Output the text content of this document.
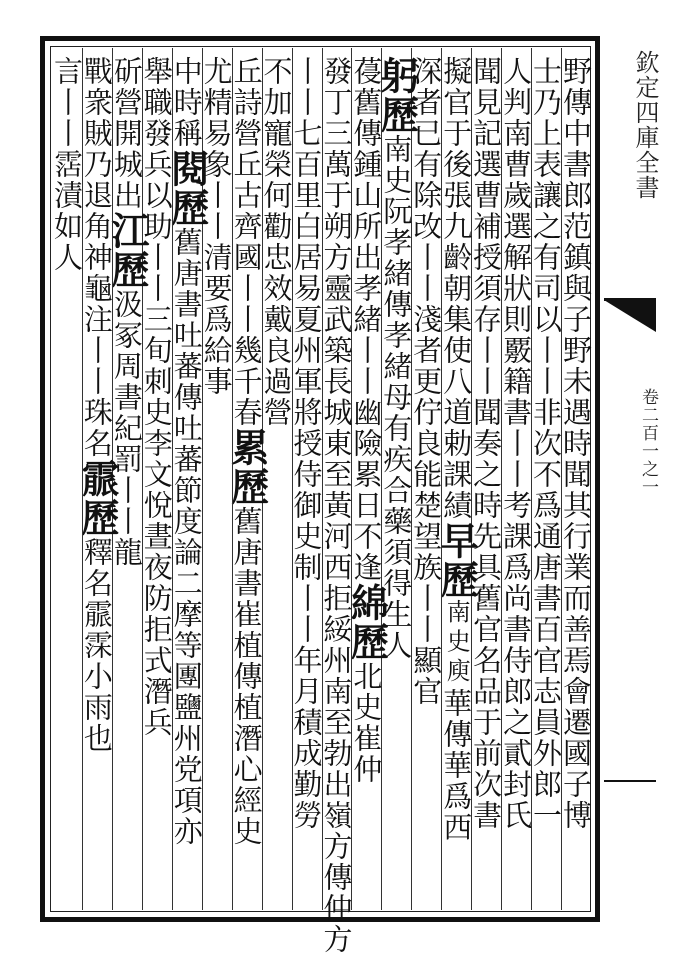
欽定四庫全書
卷二百一之一
野傳中書郎范鎮與子野未遇時聞其行業而善焉會遷國子博
士乃上表讓之有司以丨丨非次不爲通唐書百官志員外郎一
人判南曹歲選解狀則覈籍書丨丨考課爲尚書侍郎之貳封氏
聞見記選曹補授須存丨丨聞奏之時先具舊官名品于前次書
擬官于後張九齡朝集使八道勅課績
早歷
南史庾
華傳華爲西
深者已有除改丨丨淺者更佇良能
楚望族丨丨顯官
躬歷
南史阮孝緒傳孝緒母有疾合藥須得生人
葠舊傳鍾山所出孝緒丨丨幽險累日不逢
綿歷
北史崔仲
發丁三萬于朔方靈武築長城東至黃河西拒綏州南至勃出嶺
方傳仲方
丨丨七百里白居易夏州軍將授侍御史制丨丨年月積成勤勞
不加寵榮何勸忠效戴良過營
丘詩營丘古齊國丨丨幾千春
累歷
舊唐書崔植傳植潛心經史
尤精易象丨丨清要爲給事
中時稱
閱歷
舊唐書吐蕃傳吐蕃節度論二摩等團鹽州党項亦
舉職
發兵以助丨丨三旬刺史李文悅晝夜防拒式潛兵
斫營開城出
江歷
汲冢周書紀罰丨丨龍
戰衆賊乃退
角神龜注丨丨珠名
霢歷
釋名霢霂小雨也
言丨丨霑漬如人
